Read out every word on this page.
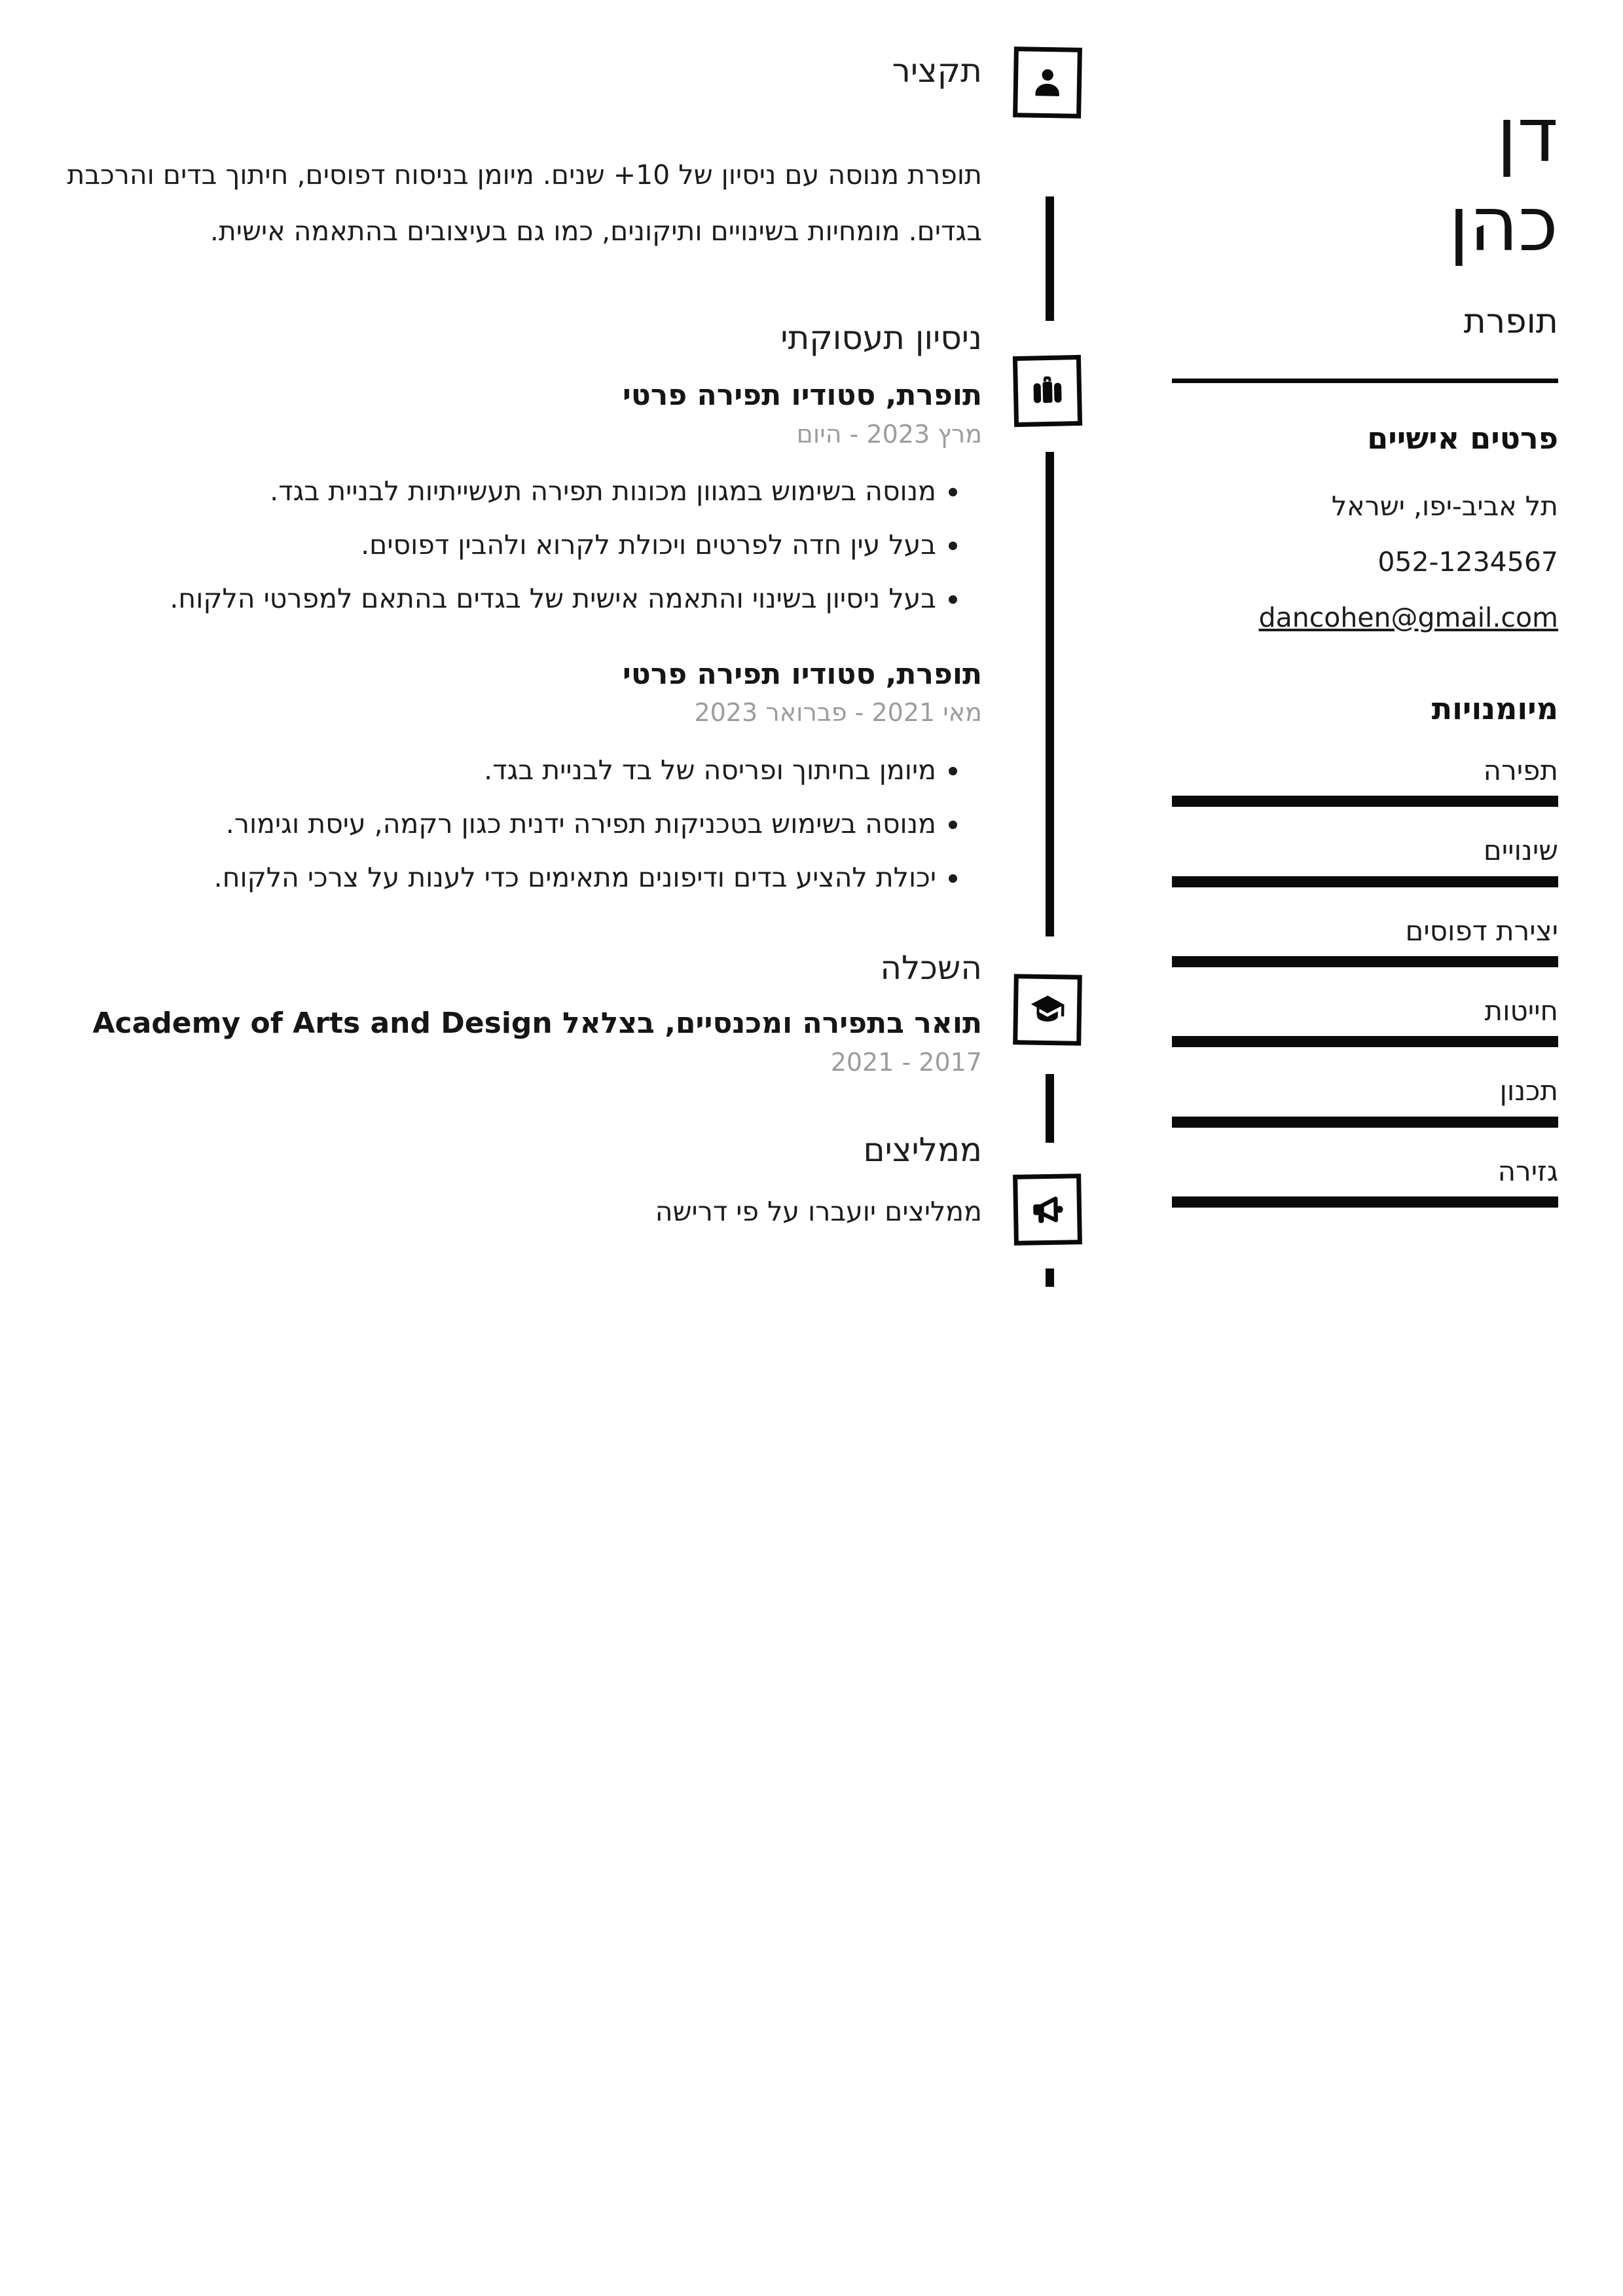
תקציר

תופרת מנוסה עם ניסיון של 10+ שנים. מיומן בניסוח דפוסים, חיתוך בדים והרכבת בגדים. מומחיות בשינויים ותיקונים, כמו גם בעיצובים בהתאמה אישית.

ניסיון תעסוקתי

תופרת, סטודיו תפירה פרטי

מרץ 2023 - היום

• מנוסה בשימוש במגוון מכונות תפירה תעשייתיות לבניית בגד.
• בעל עין חדה לפרטים ויכולת לקרוא ולהבין דפוסים.
• בעל ניסיון בשינוי והתאמה אישית של בגדים בהתאם למפרטי הלקוח.

תופרת, סטודיו תפירה פרטי

מאי 2021 - פברואר 2023

• מיומן בחיתוך ופריסה של בד לבניית בגד.
• מנוסה בשימוש בטכניקות תפירה ידנית כגון רקמה, עיסת וגימור.
• יכולת להציע בדים ודיפונים מתאימים כדי לענות על צרכי הלקוח.
השכלה

תואר בתפירה ומכנסיים, בצלאל Academy of Arts and Design

2017 - 2021

ממליצים

ממליצים יועברו על פי דרישה

דן
כהן
תופרת
פרטים אישיים
תל אביב-יפו, ישראל
052-1234567
dancohen@gmail.com
מיומנויות
תפירה
שינויים
יצירת דפוסים
חייטות
תכנון
גזירה
